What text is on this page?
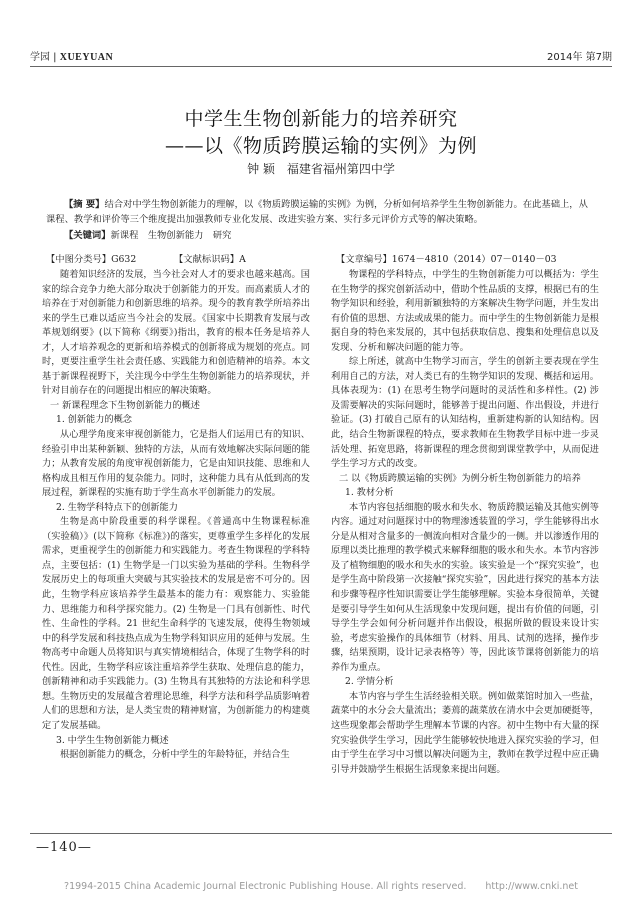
学园 | XUEYUAN	2014年 第7期
中学生生物创新能力的培养研究
——以《物质跨膜运输的实例》为例
钟 颖　福建省福州第四中学
【摘 要】结合对中学生物创新能力的理解，以《物质跨膜运输的实例》为例，分析如何培养学生生物创新能力。在此基础上，从课程、教学和评价等三个维度提出加强教师专业化发展、改进实验方案、实行多元评价方式等的解决策略。
【关键词】新课程　生物创新能力　研究
【中图分类号】G632	【文献标识码】A	【文章编号】1674－4810（2014）07－0140－03

随着知识经济的发展，当今社会对人才的要求也越来越高。国家的综合竞争力绝大部分取决于创新能力的开发。而高素质人才的培养在于对创新能力和创新思维的培养。现今的教育教学所培养出来的学生已难以适应当今社会的发展。《国家中长期教育发展与改革规划纲要》(以下简称《纲要》)指出，教育的根本任务是培养人才，人才培养观念的更新和培养模式的创新将成为规划的亮点。同时，更要注重学生社会责任感、实践能力和创造精神的培养。本文基于新课程视野下，关注现今中学生生物创新能力的培养现状，并针对目前存在的问题提出相应的解决策略。

一 新课程理念下生物创新能力的概述

1. 创新能力的概念

从心理学角度来审视创新能力，它是指人们运用已有的知识、经验引申出某种新颖、独特的方法，从而有效地解决实际问题的能力；从教育发展的角度审视创新能力，它是由知识技能、思维和人格构成且相互作用的复杂能力。同时，这种能力具有从低到高的发展过程，新课程的实施有助于学生高水平创新能力的发展。

2. 生物学科特点下的创新能力

生物是高中阶段重要的科学课程。《普通高中生物课程标准（实验稿）》(以下简称《标准》)的落实，更尊重学生多样化的发展需求，更重视学生的创新能力和实践能力。考查生物课程的学科特点，主要包括：(1) 生物学是一门以实验为基础的学科。生物科学发展历史上的每项重大突破与其实验技术的发展是密不可分的。因此，生物学科应该培养学生最基本的能力有：观察能力、实验能力、思维能力和科学探究能力。(2) 生物是一门具有创新性、时代性、生命性的学科。21 世纪生命科学的飞速发展，使得生物领域中的科学发展和科技热点成为生物学科知识应用的延伸与发展。生物高考中命题人员将知识与真实情境相结合，体现了生物学科的时代性。因此，生物学科应该注重培养学生获取、处理信息的能力，创新精神和动手实践能力。(3) 生物具有其独特的方法论和科学思想。生物历史的发展蕴含着理论思维，科学方法和科学品质影响着人们的思想和方法，是人类宝贵的精神财富，为创新能力的构建奠定了发展基础。

3. 中学生生物创新能力概述

根据创新能力的概念，分析中学生的年龄特征，并结合生

物课程的学科特点，中学生的生物创新能力可以概括为：学生在生物学的探究创新活动中，借助个性品质的支撑，根据已有的生物学知识和经验，利用新颖独特的方案解决生物学问题，并生发出有价值的思想、方法或成果的能力。而中学生的生物创新能力是根据自身的特色来发展的，其中包括获取信息、搜集和处理信息以及发现、分析和解决问题的能力等。

综上所述，就高中生物学习而言，学生的创新主要表现在学生利用自己的方法，对人类已有的生物学知识的发现、概括和运用。具体表现为：(1) 在思考生物学问题时的灵活性和多样性。(2) 涉及需要解决的实际问题时，能够善于提出问题、作出假设，并进行验证。(3) 打破自己原有的认知结构，重新建构新的认知结构。因此，结合生物新课程的特点，要求教师在生物教学目标中进一步灵活处理、拓宽思路，将新课程的理念贯彻到课堂教学中，从而促进学生学习方式的改变。

二 以《物质跨膜运输的实例》为例分析生物创新能力的培养

1. 教材分析

本节内容包括细胞的吸水和失水、物质跨膜运输及其他实例等内容。通过对问题探讨中的物理渗透装置的学习，学生能够得出水分是从相对含量多的一侧流向相对含量少的一侧。并以渗透作用的原理以类比推理的教学模式来解释细胞的吸水和失水。本节内容涉及了植物细胞的吸水和失水的实验。该实验是一个“探究实验”，也是学生高中阶段第一次接触“探究实验”，因此进行探究的基本方法和步骤等程序性知识需要让学生能够理解。实验本身很简单，关键是要引导学生如何从生活现象中发现问题，提出有价值的问题，引导学生学会如何分析问题并作出假设，根据所做的假设来设计实验，考虑实验操作的具体细节（材料、用具、试剂的选择，操作步骤，结果预期，设计记录表格等）等，因此该节课将创新能力的培养作为重点。

2. 学情分析

本节内容与学生生活经验相关联。例如做菜馆时加入一些盐，蔬菜中的水分会大量流出；萎蔫的蔬菜放在清水中会更加硬挺等，这些现象都会帮助学生理解本节课的内容。初中生物中有大量的探究实验供学生学习，因此学生能够较快地进入探究实验的学习，但由于学生在学习中习惯以解决问题为主，教师在教学过程中应正确引导并鼓励学生根据生活现象来提出问题。

—140—
?1994-2015 China Academic Journal Electronic Publishing House. All rights reserved.　　http://www.cnki.net
